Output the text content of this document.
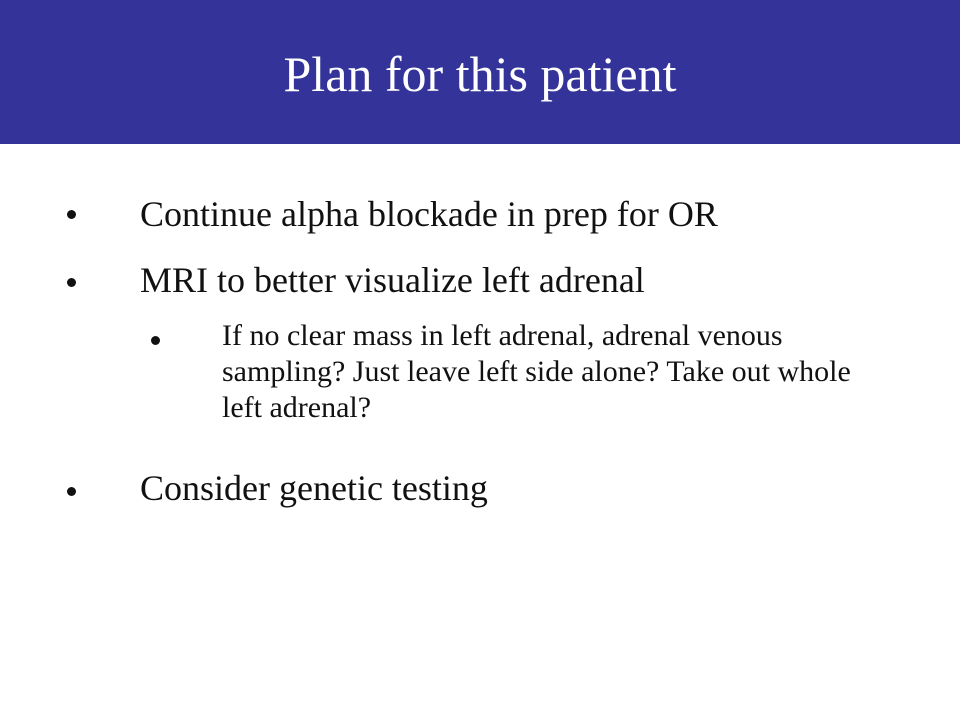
Plan for this patient
Continue alpha blockade in prep for OR
MRI to better visualize left adrenal
If no clear mass in left adrenal, adrenal venous sampling? Just leave left side alone? Take out whole left adrenal?
Consider genetic testing
